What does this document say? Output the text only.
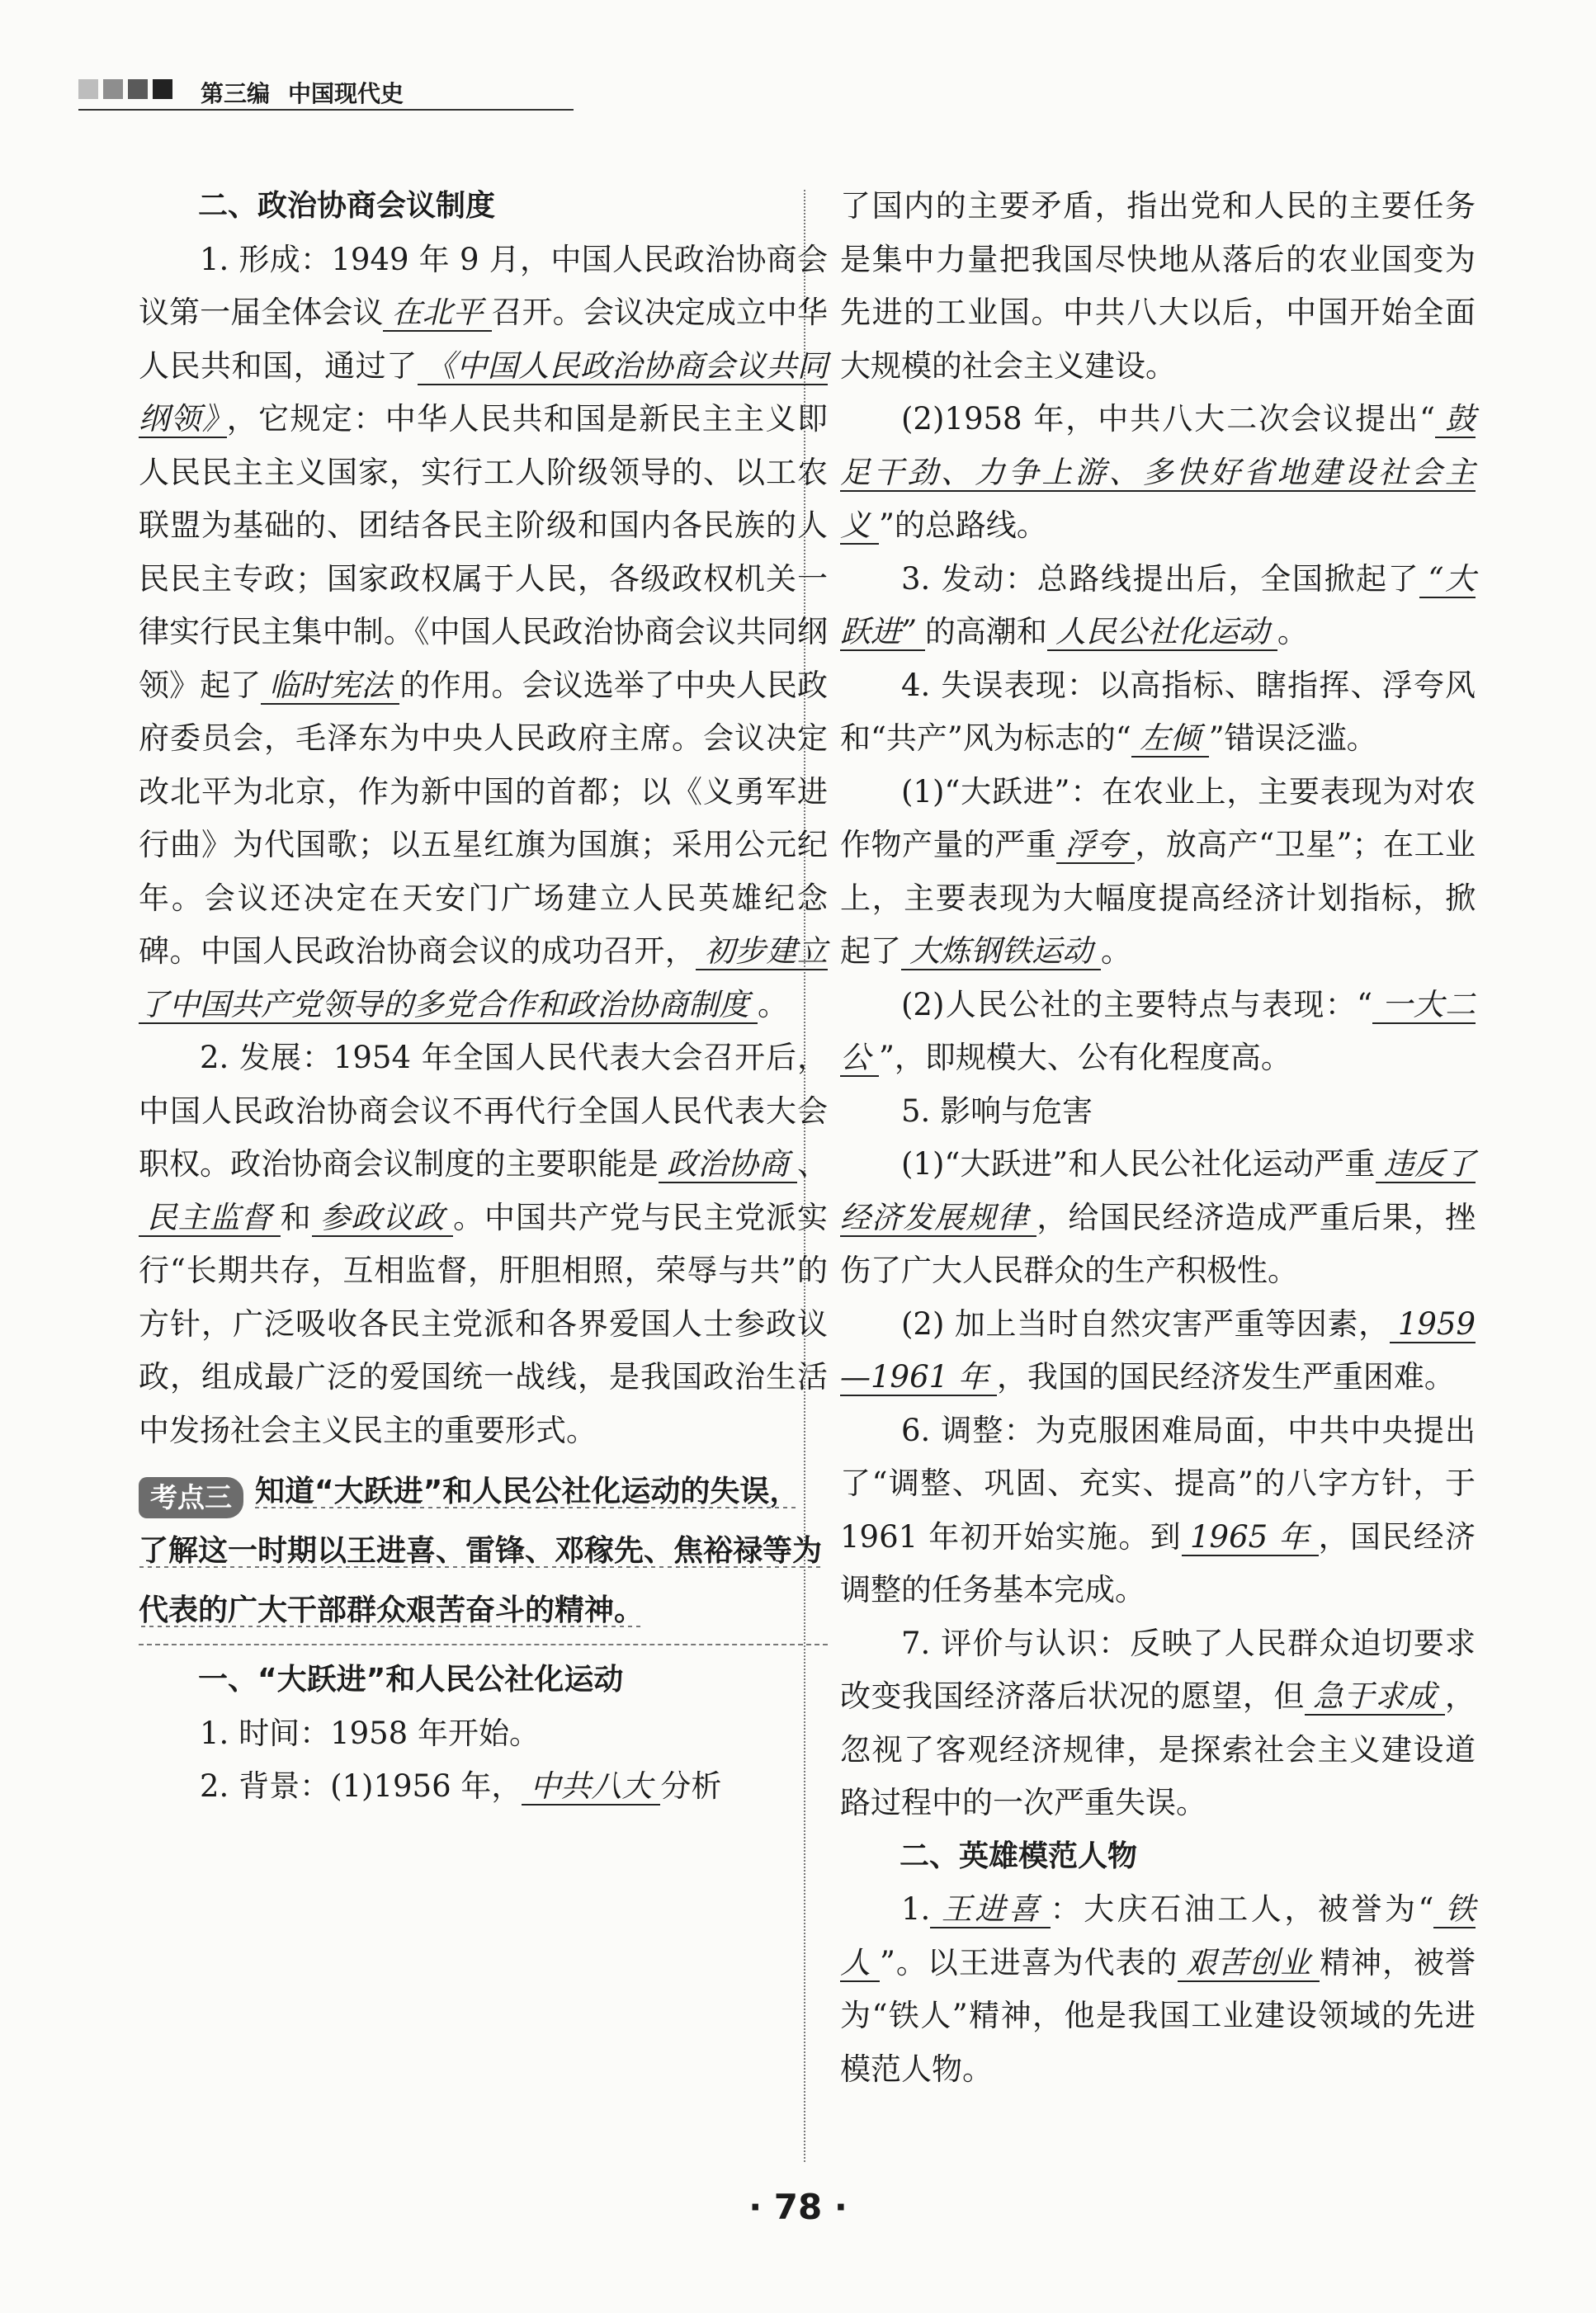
第三编 中国现代史

二、政治协商会议制度

1. 形成：1949 年 9 月，中国人民政治协商会议第一届全体会议 在北平 召开。会议决定成立中华人民共和国，通过了 《中国人民政治协商会议共同纲领》 ，它规定：中华人民共和国是新民主主义即人民民主主义国家，实行工人阶级领导的、以工农联盟为基础的、团结各民主阶级和国内各民族的人民民主专政；国家政权属于人民，各级政权机关一律实行民主集中制。《中国人民政治协商会议共同纲领》起了 临时宪法 的作用。会议选举了中央人民政府委员会，毛泽东为中央人民政府主席。会议决定改北平为北京，作为新中国的首都；以《义勇军进行曲》为代国歌；以五星红旗为国旗；采用公元纪年。会议还决定在天安门广场建立人民英雄纪念碑。中国人民政治协商会议的成功召开， 初步建立了中国共产党领导的多党合作和政治协商制度 。

2. 发展：1954 年全国人民代表大会召开后，中国人民政治协商会议不再代行全国人民代表大会职权。政治协商会议制度的主要职能是 政治协商 、民主监督 和 参政议政 。中国共产党与民主党派实行“长期共存，互相监督，肝胆相照，荣辱与共”的方针，广泛吸收各民主党派和各界爱国人士参政议政，组成最广泛的爱国统一战线，是我国政治生活中发扬社会主义民主的重要形式。

考点三 知道“大跃进”和人民公社化运动的失误，了解这一时期以王进喜、雷锋、邓稼先、焦裕禄等为代表的广大干部群众艰苦奋斗的精神。

一、“大跃进”和人民公社化运动

1. 时间：1958 年开始。

2. 背景：(1)1956 年， 中共八大 分析

了国内的主要矛盾，指出党和人民的主要任务是集中力量把我国尽快地从落后的农业国变为先进的工业国。中共八大以后，中国开始全面大规模的社会主义建设。

(2)1958 年，中共八大二次会议提出“ 鼓足干劲、力争上游、多快好省地建设社会主义 ”的总路线。

3. 发动：总路线提出后，全国掀起了 “大跃进” 的高潮和 人民公社化运动 。

4. 失误表现：以高指标、瞎指挥、浮夸风和“共产”风为标志的“ 左倾 ”错误泛滥。

(1)“大跃进”：在农业上，主要表现为对农作物产量的严重 浮夸 ，放高产“卫星”；在工业上，主要表现为大幅度提高经济计划指标，掀起了 大炼钢铁运动 。

(2)人民公社的主要特点与表现：“ 一大二公 ”，即规模大、公有化程度高。

5. 影响与危害

(1)“大跃进”和人民公社化运动严重 违反了经济发展规律 ，给国民经济造成严重后果，挫伤了广大人民群众的生产积极性。

(2) 加上当时自然灾害严重等因素， 1959—1961 年 ，我国的国民经济发生严重困难。

6. 调整：为克服困难局面，中共中央提出了“调整、巩固、充实、提高”的八字方针，于 1961 年初开始实施。到 1965 年 ，国民经济调整的任务基本完成。

7. 评价与认识：反映了人民群众迫切要求改变我国经济落后状况的愿望，但 急于求成 ，忽视了客观经济规律，是探索社会主义建设道路过程中的一次严重失误。

二、英雄模范人物

1. 王进喜 ：大庆石油工人，被誉为“ 铁人 ”。以王进喜为代表的 艰苦创业 精神，被誉为“铁人”精神，他是我国工业建设领域的先进模范人物。

· 78 ·
